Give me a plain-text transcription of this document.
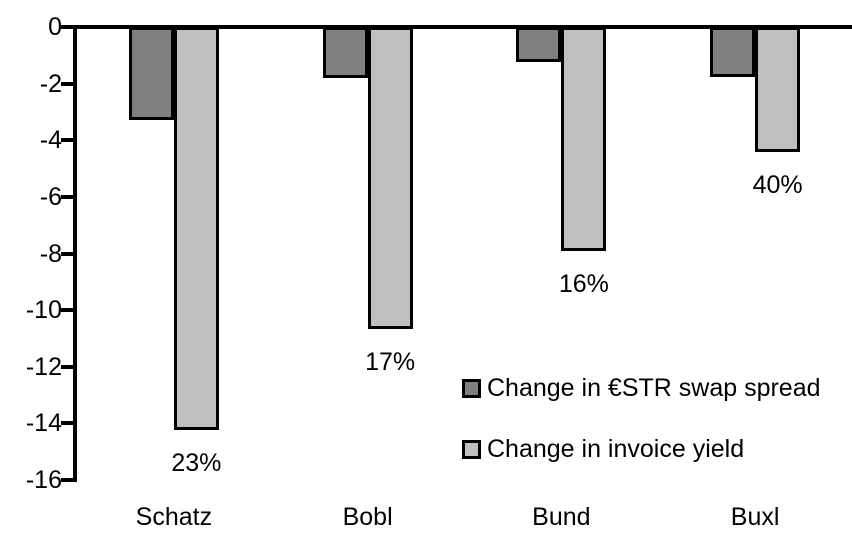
0
-2
-4
-6
-8
-10
-12
-14
-16
23%
Schatz
17%
Bobl
16%
Bund
40%
Buxl
Change in €STR swap spread
Change in invoice yield
